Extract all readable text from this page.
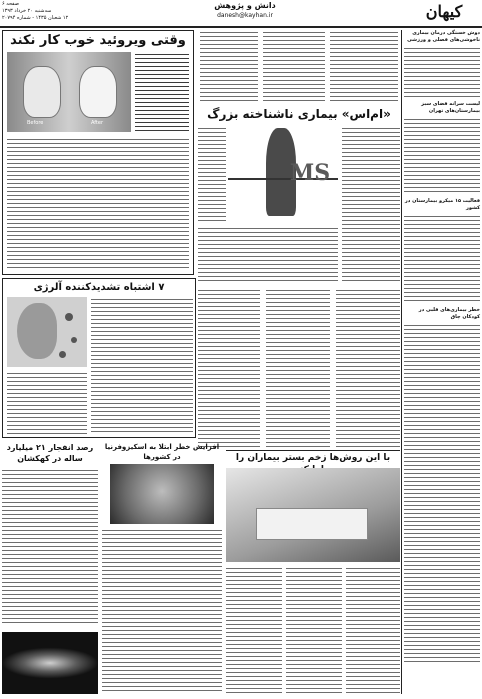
کیهان
دانش و پژوهش
danesh@kayhan.ir
صفحه ۶
سه‌شنبه ۲۰ خرداد ۱۳۹۳
۱۲ شعبان ۱۴۳۵ - شماره ۲۰۷۹۴
دوش خستگی درمان بیماری ناخوشی‌های فصلی و ورزشی
لیست سرانه فضای سبز بیمارستان‌های تهران
فعالیت ۱۵ میکرو بیمارستان در کشور
خطر بیماری‌های قلبی در کودکان چاق
وقتی ویروئید خوب کار نکند
Before	After
«ام‌اس» بیماری ناشناخته بزرگ
MS
۷ اشتباه تشدیدکننده آلرژی
رصد انفجار ۲۱ میلیارد ساله در کهکشان
افزایش خطر ابتلا به اسکیزوفرنیا در کشورها	با این روش‌ها زخم بستر بیماران را
